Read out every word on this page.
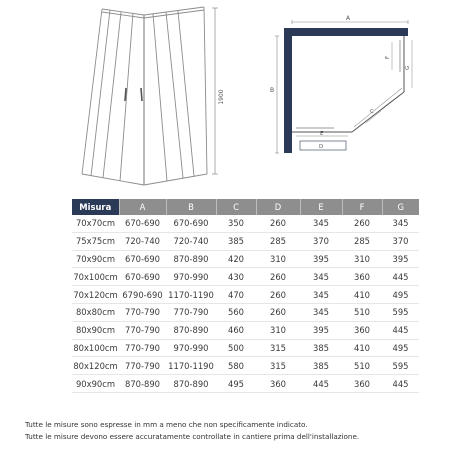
1900
A
B
C
D
E
F
G
Misura	A	B	C	D	E	F	G
70x70cm	670-690	670-690	350	260	345	260	345
75x75cm	720-740	720-740	385	285	370	285	370
70x90cm	670-690	870-890	420	310	395	310	395
70x100cm	670-690	970-990	430	260	345	360	445
70x120cm	6790-690	1170-1190	470	260	345	410	495
80x80cm	770-790	770-790	560	260	345	510	595
80x90cm	770-790	870-890	460	310	395	360	445
80x100cm	770-790	970-990	500	315	385	410	495
80x120cm	770-790	1170-1190	580	315	385	510	595
90x90cm	870-890	870-890	495	360	445	360	445

Tutte le misure sono espresse in mm a meno che non specificamente indicato.

Tutte le misure devono essere accuratamente controllate in cantiere prima dell'installazione.
